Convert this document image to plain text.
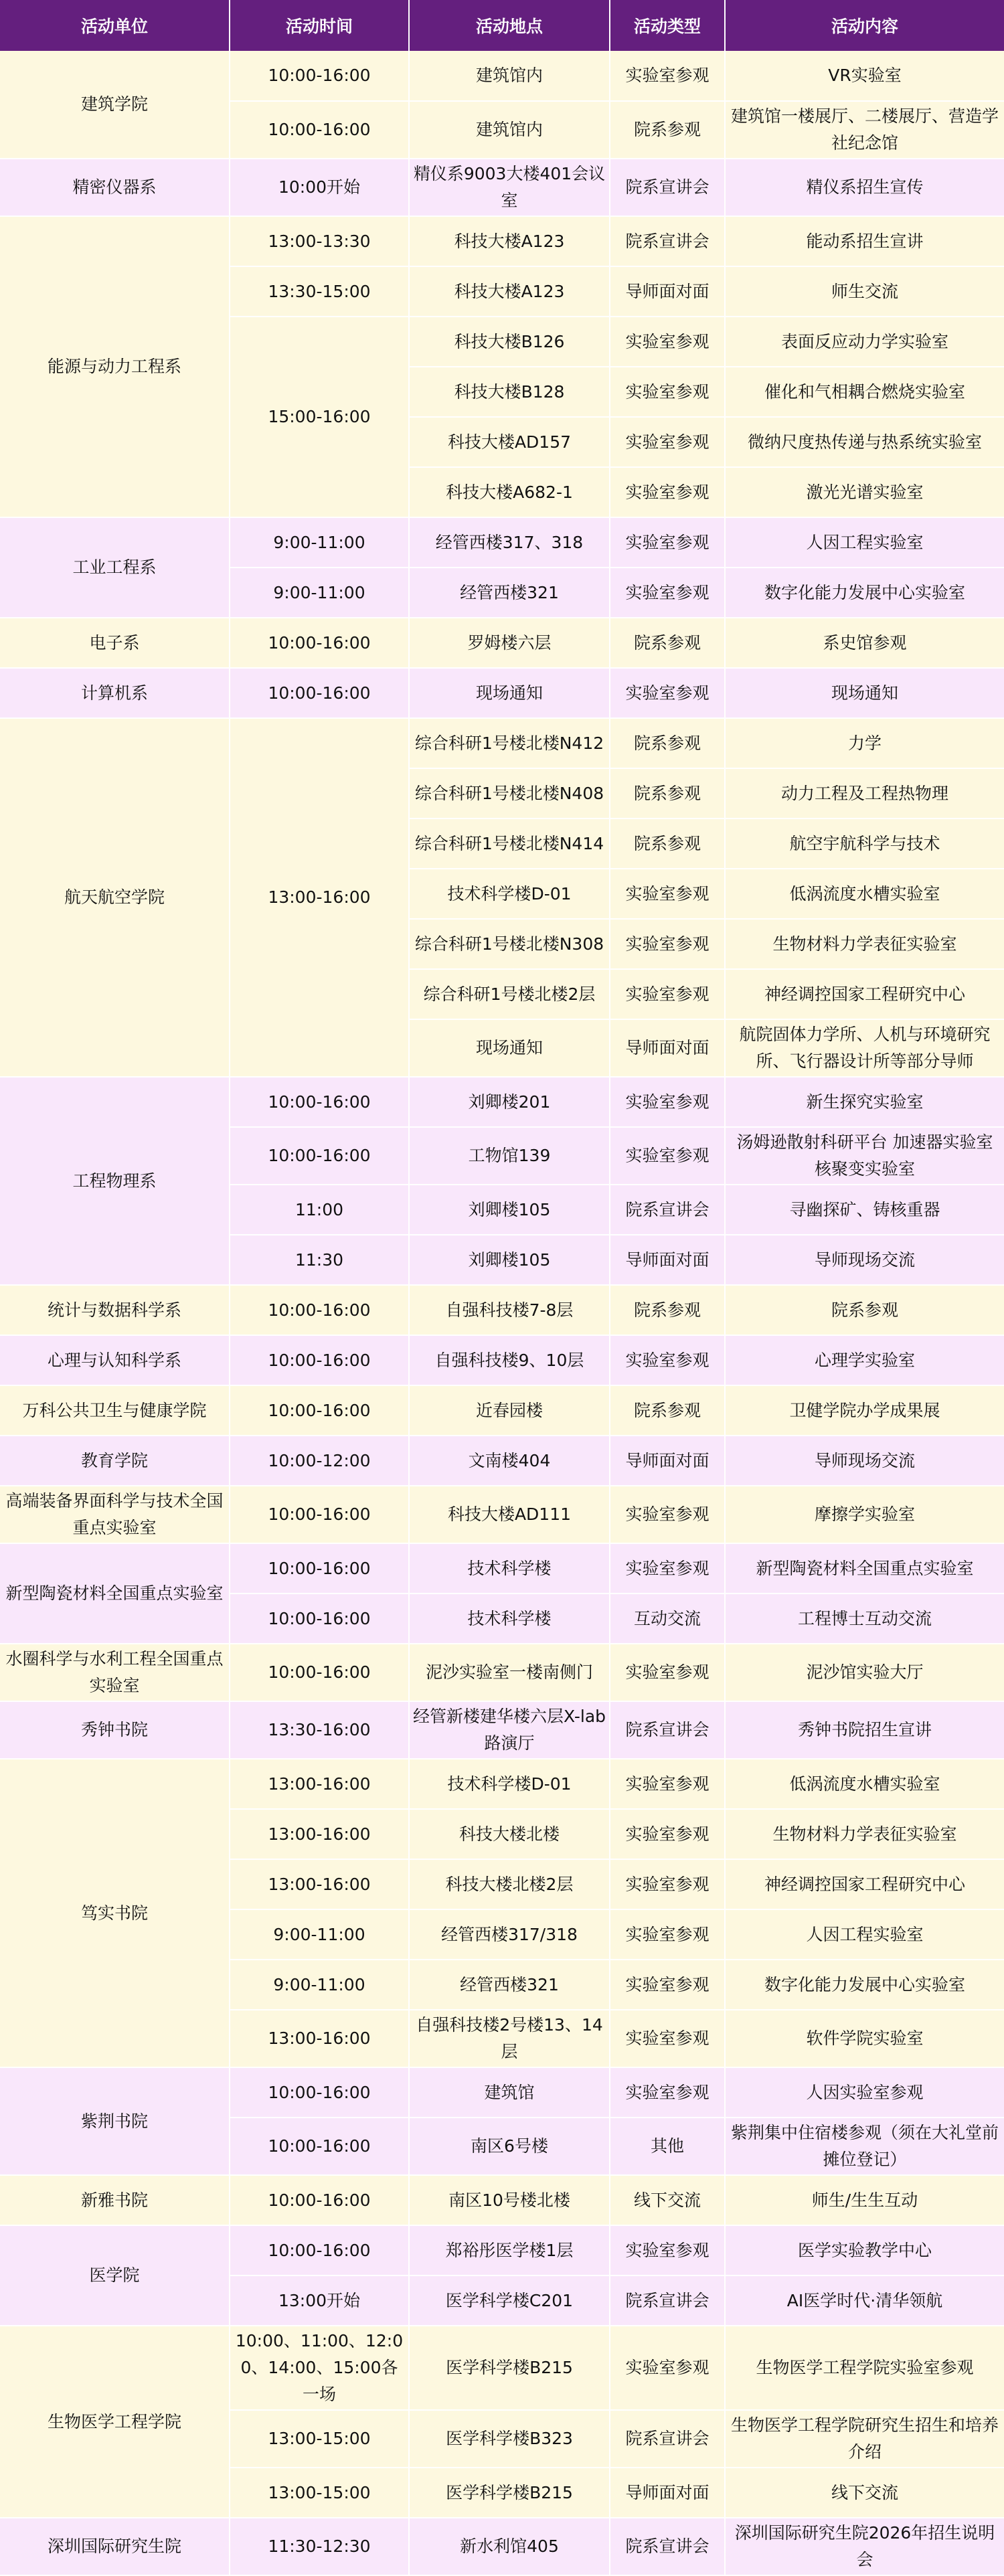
活动单位	活动时间	活动地点	活动类型	活动内容
建筑学院	10:00-16:00	建筑馆内	实验室参观	VR实验室
	10:00-16:00	建筑馆内	院系参观	建筑馆一楼展厅、二楼展厅、营造学社纪念馆
精密仪器系	10:00开始	精仪系9003大楼401会议室	院系宣讲会	精仪系招生宣传
能源与动力工程系	13:00-13:30	科技大楼A123	院系宣讲会	能动系招生宣讲
	13:30-15:00	科技大楼A123	导师面对面	师生交流
	15:00-16:00	科技大楼B126	实验室参观	表面反应动力学实验室
		科技大楼B128	实验室参观	催化和气相耦合燃烧实验室
		科技大楼AD157	实验室参观	微纳尺度热传递与热系统实验室
		科技大楼A682-1	实验室参观	激光光谱实验室
工业工程系	9:00-11:00	经管西楼317、318	实验室参观	人因工程实验室
	9:00-11:00	经管西楼321	实验室参观	数字化能力发展中心实验室
电子系	10:00-16:00	罗姆楼六层	院系参观	系史馆参观
计算机系	10:00-16:00	现场通知	实验室参观	现场通知
航天航空学院	13:00-16:00	综合科研1号楼北楼N412	院系参观	力学
		综合科研1号楼北楼N408	院系参观	动力工程及工程热物理
		综合科研1号楼北楼N414	院系参观	航空宇航科学与技术
		技术科学楼D-01	实验室参观	低涡流度水槽实验室
		综合科研1号楼北楼N308	实验室参观	生物材料力学表征实验室
		综合科研1号楼北楼2层	实验室参观	神经调控国家工程研究中心
		现场通知	导师面对面	航院固体力学所、人机与环境研究所、飞行器设计所等部分导师
工程物理系	10:00-16:00	刘卿楼201	实验室参观	新生探究实验室
	10:00-16:00	工物馆139	实验室参观	汤姆逊散射科研平台 加速器实验室 核聚变实验室
	11:00	刘卿楼105	院系宣讲会	寻幽探矿、铸核重器
	11:30	刘卿楼105	导师面对面	导师现场交流
统计与数据科学系	10:00-16:00	自强科技楼7-8层	院系参观	院系参观
心理与认知科学系	10:00-16:00	自强科技楼9、10层	实验室参观	心理学实验室
万科公共卫生与健康学院	10:00-16:00	近春园楼	院系参观	卫健学院办学成果展
教育学院	10:00-12:00	文南楼404	导师面对面	导师现场交流
高端装备界面科学与技术全国重点实验室	10:00-16:00	科技大楼AD111	实验室参观	摩擦学实验室
新型陶瓷材料全国重点实验室	10:00-16:00	技术科学楼	实验室参观	新型陶瓷材料全国重点实验室
	10:00-16:00	技术科学楼	互动交流	工程博士互动交流
水圈科学与水利工程全国重点实验室	10:00-16:00	泥沙实验室一楼南侧门	实验室参观	泥沙馆实验大厅
秀钟书院	13:30-16:00	经管新楼建华楼六层X-lab路演厅	院系宣讲会	秀钟书院招生宣讲
笃实书院	13:00-16:00	技术科学楼D-01	实验室参观	低涡流度水槽实验室
	13:00-16:00	科技大楼北楼	实验室参观	生物材料力学表征实验室
	13:00-16:00	科技大楼北楼2层	实验室参观	神经调控国家工程研究中心
	9:00-11:00	经管西楼317/318	实验室参观	人因工程实验室
	9:00-11:00	经管西楼321	实验室参观	数字化能力发展中心实验室
	13:00-16:00	自强科技楼2号楼13、14层	实验室参观	软件学院实验室
紫荆书院	10:00-16:00	建筑馆	实验室参观	人因实验室参观
	10:00-16:00	南区6号楼	其他	紫荆集中住宿楼参观（须在大礼堂前摊位登记）
新雅书院	10:00-16:00	南区10号楼北楼	线下交流	师生/生生互动
医学院	10:00-16:00	郑裕彤医学楼1层	实验室参观	医学实验教学中心
	13:00开始	医学科学楼C201	院系宣讲会	AI医学时代·清华领航
生物医学工程学院	10:00、11:00、12:00、14:00、15:00各一场	医学科学楼B215	实验室参观	生物医学工程学院实验室参观
	13:00-15:00	医学科学楼B323	院系宣讲会	生物医学工程学院研究生招生和培养介绍
	13:00-15:00	医学科学楼B215	导师面对面	线下交流
深圳国际研究生院	11:30-12:30	新水利馆405	院系宣讲会	深圳国际研究生院2026年招生说明会
